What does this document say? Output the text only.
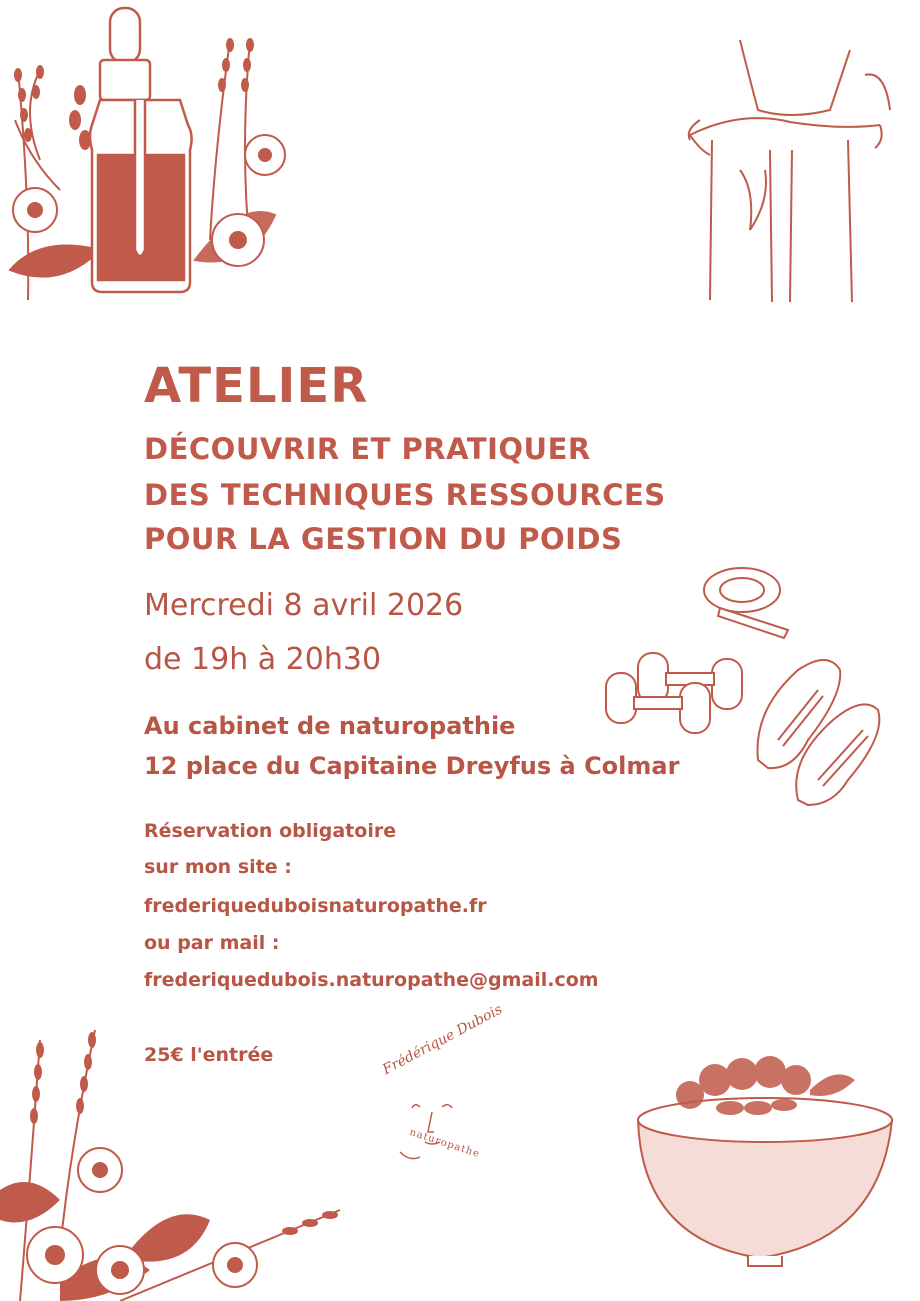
ATELIER
DÉCOUVRIR ET PRATIQUER
DES TECHNIQUES RESSOURCES
POUR LA GESTION DU POIDS
Mercredi 8 avril 2026
de 19h à 20h30
Au cabinet de naturopathie
12 place du Capitaine Dreyfus à Colmar
Réservation obligatoire
sur mon site :
frederiqueduboisnaturopathe.fr
ou par mail :
frederiquedubois.naturopathe@gmail.com
25€ l'entrée	Frédérique Dubois
naturopathe
